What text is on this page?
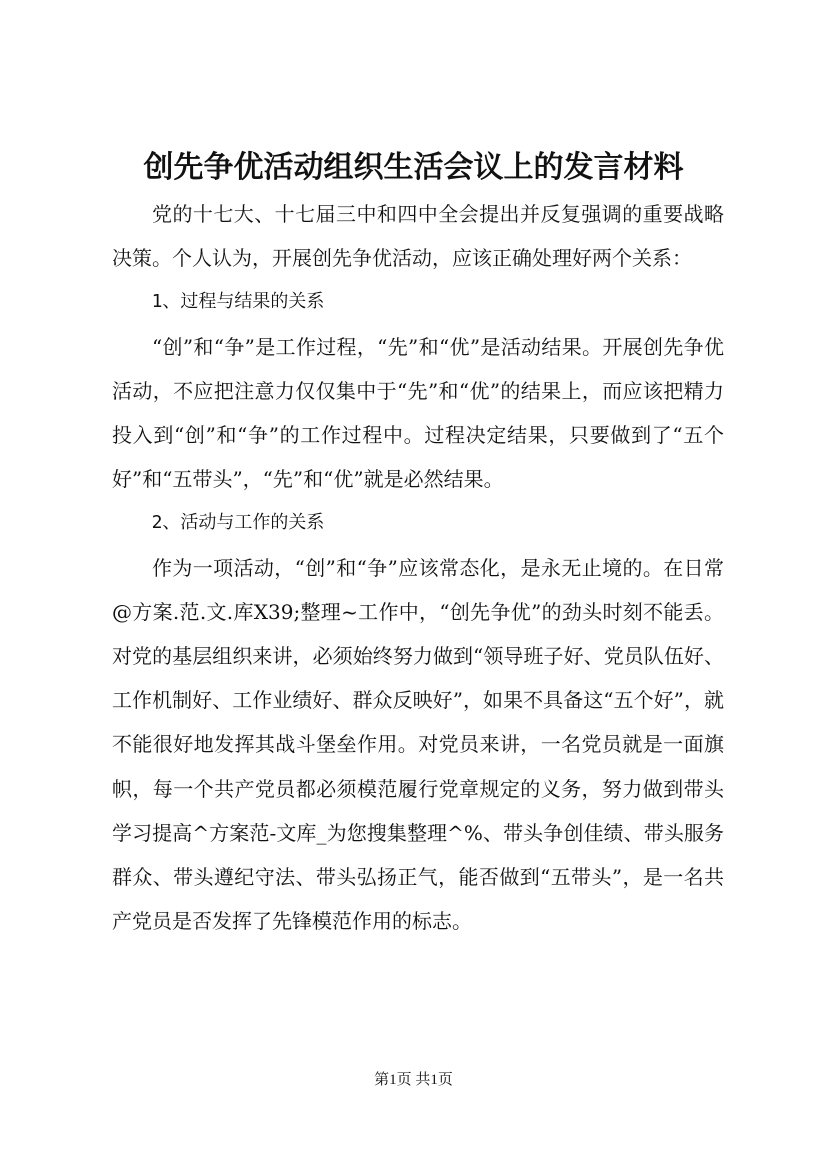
创先争优活动组织生活会议上的发言材料

党的十七大、十七届三中和四中全会提出并反复强调的重要战略决策。个人认为，开展创先争优活动，应该正确处理好两个关系：

1、过程与结果的关系

“创”和“争”是工作过程，“先”和“优”是活动结果。开展创先争优活动，不应把注意力仅仅集中于“先”和“优”的结果上，而应该把精力投入到“创”和“争”的工作过程中。过程决定结果，只要做到了“五个好”和“五带头”，“先”和“优”就是必然结果。

2、活动与工作的关系

作为一项活动，“创”和“争”应该常态化，是永无止境的。在日常@方案.范.文.库X39;整理~工作中，“创先争优”的劲头时刻不能丢。对党的基层组织来讲，必须始终努力做到“领导班子好、党员队伍好、工作机制好、工作业绩好、群众反映好”，如果不具备这“五个好”，就不能很好地发挥其战斗堡垒作用。对党员来讲，一名党员就是一面旗帜，每一个共产党员都必须模范履行党章规定的义务，努力做到带头学习提高^方案范-文库_为您搜集整理^%、带头争创佳绩、带头服务群众、带头遵纪守法、带头弘扬正气，能否做到“五带头”，是一名共产党员是否发挥了先锋模范作用的标志。

第1页 共1页
